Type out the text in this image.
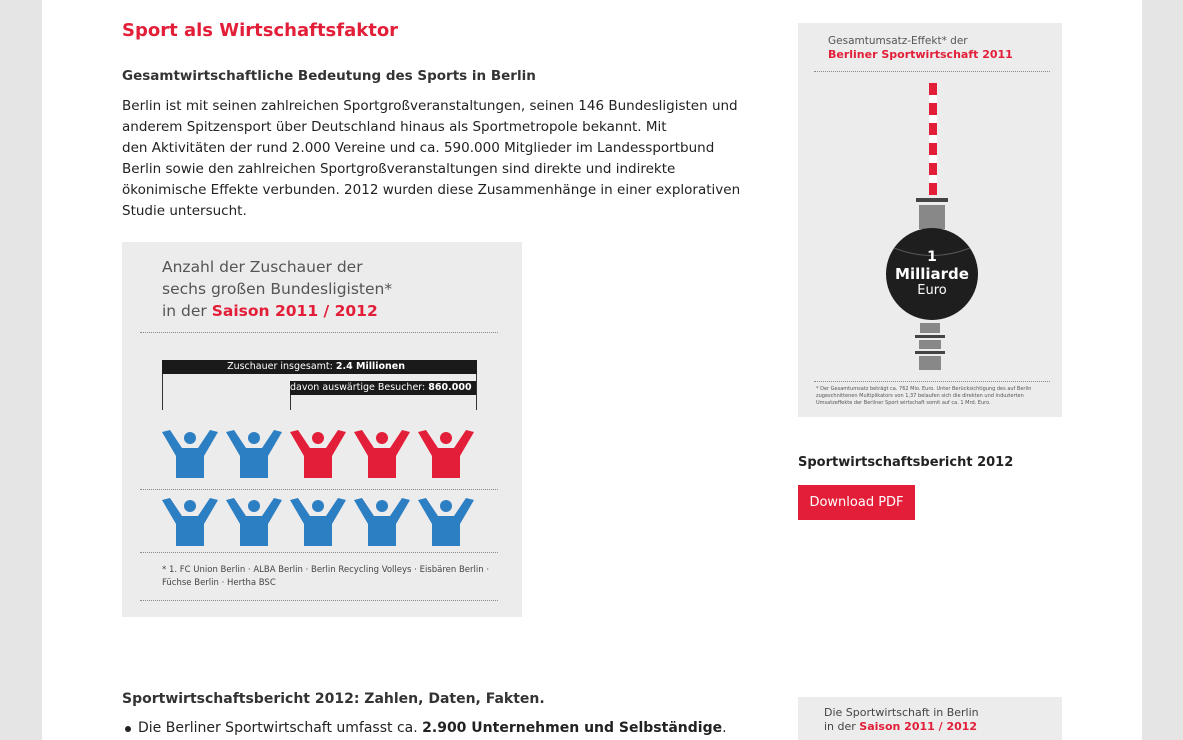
Sport als Wirtschaftsfaktor
Gesamtwirtschaftliche Bedeutung des Sports in Berlin

Berlin ist mit seinen zahlreichen Sportgroßveranstaltungen, seinen 146 Bundesligisten und
anderem Spitzensport über Deutschland hinaus als Sportmetropole bekannt. Mit
den Aktivitäten der rund 2.000 Vereine und ca. 590.000 Mitglieder im Landessportbund
Berlin sowie den zahlreichen Sportgroßveranstaltungen sind direkte und indirekte
ökonimische Effekte verbunden. 2012 wurden diese Zusammenhänge in einer explorativen
Studie untersucht.

Anzahl der Zuschauer der
sechs großen Bundesligisten*
in der Saison 2011 / 2012
Zuschauer insgesamt: 2.4 Millionen
davon auswärtige Besucher: 860.000
* 1. FC Union Berlin · ALBA Berlin · Berlin Recycling Volleys · Eisbären Berlin ·
Füchse Berlin · Hertha BSC
Gesamtumsatz-Effekt* der
Berliner Sportwirtschaft 2011
1
Milliarde
Euro
* Der Gesamtumsatz beträgt ca. 762 Mio. Euro. Unter Berücksichtigung des auf Berlin zugeschnittenen Multiplikators von 1,37 belaufen sich die direkten und induzierten Umsatzeffekte der Berliner Sport wirtschaft somit auf ca. 1 Mrd. Euro.
Sportwirtschaftsbericht 2012
Download PDF
Sportwirtschaftsbericht 2012: Zahlen, Daten, Fakten.
Die Berliner Sportwirtschaft umfasst ca. 2.900 Unternehmen und Selbständige.
Die Sportwirtschaft in Berlin
in der Saison 2011 / 2012
